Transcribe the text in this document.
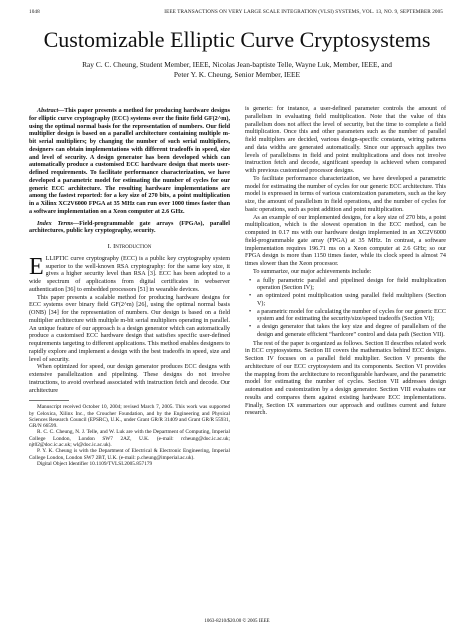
1048	IEEE TRANSACTIONS ON VERY LARGE SCALE INTEGRATION (VLSI) SYSTEMS, VOL. 13, NO. 9, SEPTEMBER 2005
Customizable Elliptic Curve Cryptosystems
Ray C. C. Cheung, Student Member, IEEE, Nicolas Jean-baptiste Telle, Wayne Luk, Member, IEEE, and
Peter Y. K. Cheung, Senior Member, IEEE

Abstract—This paper presents a method for producing hardware designs for elliptic curve cryptography (ECC) systems over the finite field GF(2^m), using the optimal normal basis for the representation of numbers. Our field multiplier design is based on a parallel architecture containing multiple m-bit serial multipliers; by changing the number of such serial multipliers, designers can obtain implementations with different tradeoffs in speed, size and level of security. A design generator has been developed which can automatically produce a customised ECC hardware design that meets user-defined requirements. To facilitate performance characterization, we have developed a parametric model for estimating the number of cycles for our generic ECC architecture. The resulting hardware implementations are among the fastest reported: for a key size of 270 bits, a point multiplication in a Xilinx XC2V6000 FPGA at 35 MHz can run over 1000 times faster than a software implementation on a Xeon computer at 2.6 GHz.

Index Terms—Field-programmable gate arrays (FPGAs), parallel architectures, public key cryptography, security.

I. Introduction

ELLIPTIC curve cryptography (ECC) is a public key cryptography system superior to the well-known RSA cryptography: for the same key size, it gives a higher security level than RSA [3]. ECC has been adopted to a wide spectrum of applications from digital certificates in webserver authentication [36] to embedded processors [51] in wearable devices.

This paper presents a scalable method for producing hardware designs for ECC systems over binary field GF(2^m) [26], using the optimal normal basis (ONB) [34] for the representation of numbers. Our design is based on a field multiplier architecture with multiple m-bit serial multipliers operating in parallel. An unique feature of our approach is a design generator which can automatically produce a customised ECC hardware design that satisfies specific user-defined requirements targeting to different applications. This method enables designers to rapidly explore and implement a design with the best tradeoffs in speed, size and level of security.

When optimized for speed, our design generator produces ECC designs with extensive parallelization and pipelining. These designs do not involve instructions, to avoid overhead associated with instruction fetch and decode. Our architecture

Manuscript received October 10, 2004; revised March 7, 2005. This work was supported by Celoxica, Xilinx Inc., the Croucher Foundation, and by the Engineering and Physical Sciences Research Council (EPSRC), U.K., under Grant GR/R 31409 and Grant GR/R 55931, GR/N 66599.

R. C. C. Cheung, N. J. Telle, and W. Luk are with the Department of Computing, Imperial College London, London SW7 2AZ, U.K. (e-mail: rcheung@doc.ic.ac.uk; njt02@doc.ic.ac.uk; wl@doc.ic.ac.uk).

P. Y. K. Cheung is with the Department of Electrical & Electronic Engineering, Imperial College London, London SW7 2BT, U.K. (e-mail: p.cheung@imperial.ac.uk).

Digital Object Identifier 10.1109/TVLSI.2005.857179

is generic: for instance, a user-defined parameter controls the amount of parallelism in evaluating field multiplication. Note that the value of this parallelism does not affect the level of security, but the time to complete a field multiplication. Once this and other parameters such as the number of parallel field multipliers are decided, various design-specific constants, wiring patterns and data widths are generated automatically. Since our approach applies two levels of parallelisms in field and point multiplications and does not involve instruction fetch and decode, significant speedup is achieved when compared with previous customised processor designs.

To facilitate performance characterization, we have developed a parametric model for estimating the number of cycles for our generic ECC architecture. This model is expressed in terms of various customization parameters, such as the key size, the amount of parallelism in field operations, and the number of cycles for basic operations, such as point addition and point multiplication.

As an example of our implemented designs, for a key size of 270 bits, a point multiplication, which is the slowest operation in the ECC method, can be computed in 0.17 ms with our hardware design implemented in an XC2V6000 field-programmable gate array (FPGA) at 35 MHz. In contrast, a software implementation requires 196.71 ms on a Xeon computer at 2.6 GHz; so our FPGA design is more than 1150 times faster, while its clock speed is almost 74 times slower than the Xeon processor.

To summarize, our major achievements include:

• a fully parametric parallel and pipelined design for field multiplication operation (Section IV);
• an optimized point multiplication using parallel field multipliers (Section V);
• a parametric model for calculating the number of cycles for our generic ECC system and for estimating the security/size/speed tradeoffs (Section VI);
• a design generator that takes the key size and degree of parallelism of the design and generate efficient “hardcore” control and data path (Section VII).

The rest of the paper is organized as follows. Section II describes related work in ECC cryptosystems. Section III covers the mathematics behind ECC designs. Section IV focuses on a parallel field multiplier. Section V presents the architecture of our ECC cryptosystem and its components. Section VI provides the mapping from the architecture to reconfigurable hardware, and the parametric model for estimating the number of cycles. Section VII addresses design automation and customization by a design generator. Section VIII evaluates our results and compares them against existing hardware ECC implementations. Finally, Section IX summarizes our approach and outlines current and future research.

1063-8210/$20.00 © 2005 IEEE
